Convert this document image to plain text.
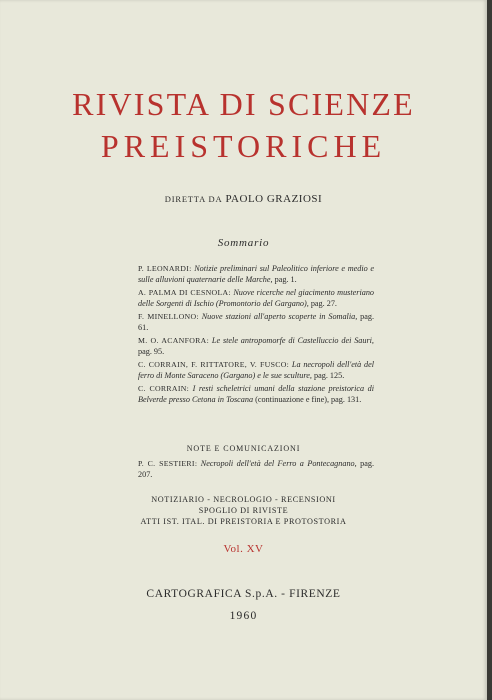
RIVISTA DI SCIENZE
PREISTORICHE
DIRETTA DA PAOLO GRAZIOSI
Sommario
P. LEONARDI: Notizie preliminari sul Paleolitico inferiore e medio e sulle alluvioni quaternarie delle Marche, pag. 1.
A. PALMA DI CESNOLA: Nuove ricerche nel giacimento musteriano delle Sorgenti di Ischio (Promontorio del Gargano), pag. 27.
F. MINELLONO: Nuove stazioni all'aperto scoperte in Somalia, pag. 61.
M. O. ACANFORA: Le stele antropomorfe di Castelluccio dei Sauri, pag. 95.
C. CORRAIN, F. RITTATORE, V. FUSCO: La necropoli dell'età del ferro di Monte Saraceno (Gargano) e le sue sculture, pag. 125.
C. CORRAIN: I resti scheletrici umani della stazione preistorica di Belverde presso Cetona in Toscana (continuazione e fine), pag. 131.
NOTE E COMUNICAZIONI
P. C. SESTIERI: Necropoli dell'età del Ferro a Pontecagnano, pag. 207.
NOTIZIARIO - NECROLOGIO - RECENSIONI
SPOGLIO DI RIVISTE
ATTI IST. ITAL. DI PREISTORIA E PROTOSTORIA
Vol. XV
CARTOGRAFICA S.p.A. - FIRENZE
1960
